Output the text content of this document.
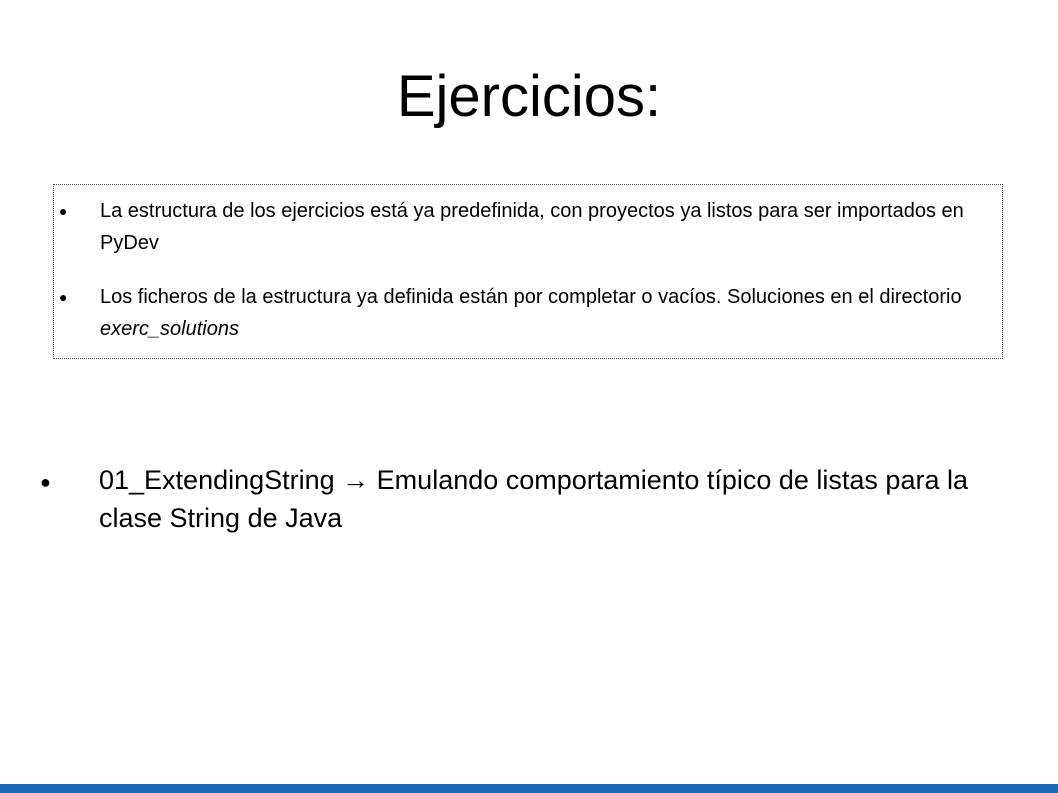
Ejercicios:
● La estructura de los ejercicios está ya predefinida, con proyectos ya listos para ser importados en PyDev
● Los ficheros de la estructura ya definida están por completar o vacíos. Soluciones en el directorio exerc_solutions
● 01_ExtendingString → Emulando comportamiento típico de listas para la clase String de Java
